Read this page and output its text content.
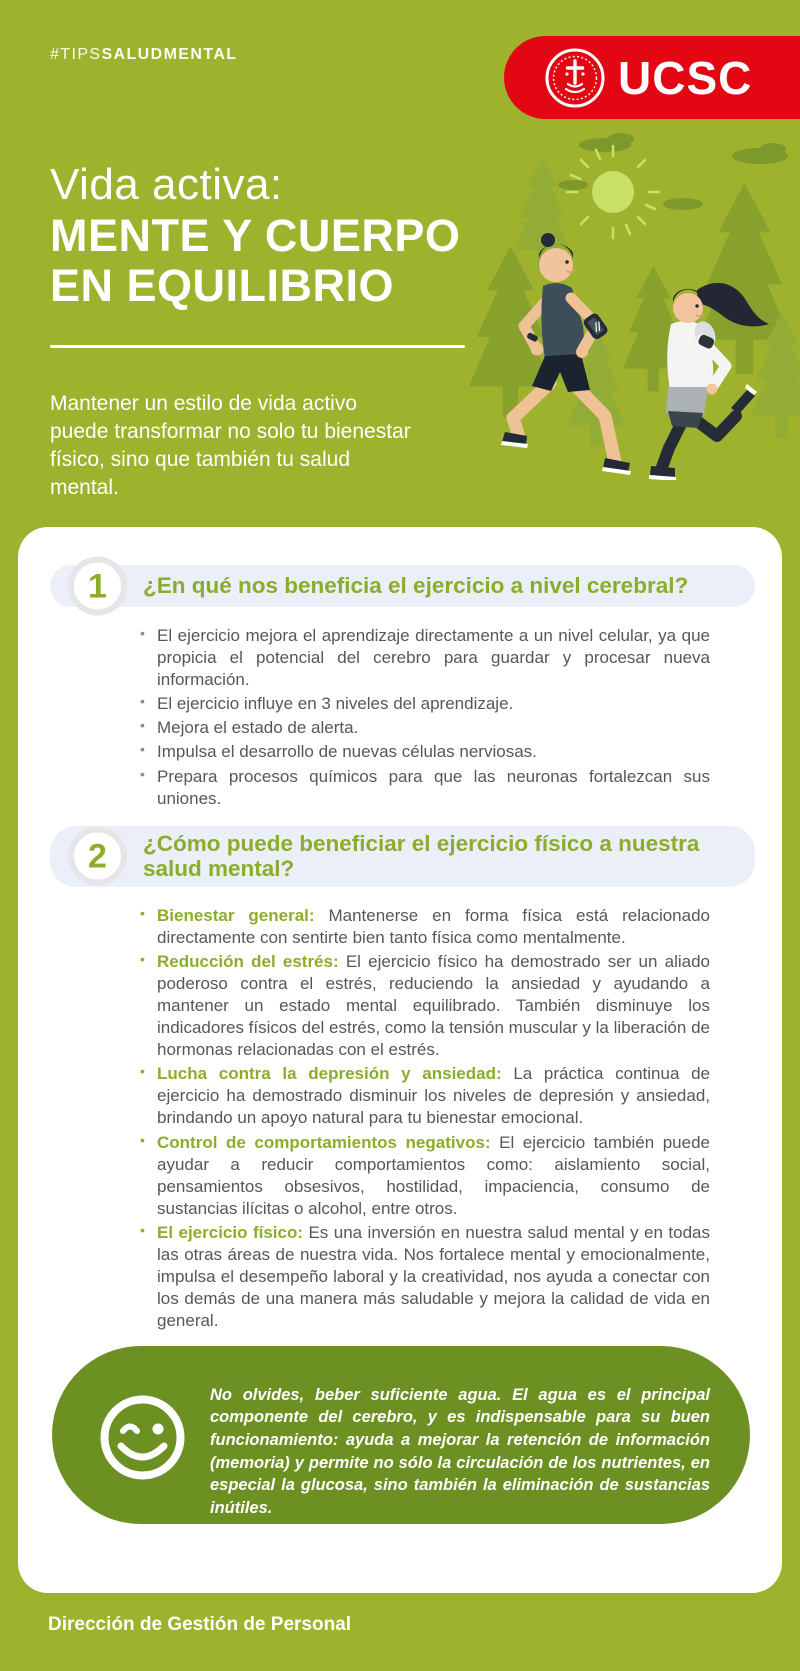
#TIPSSALUDMENTAL	UCSC
Vida activa:
MENTE Y CUERPO
EN EQUILIBRIO

Mantener un estilo de vida activo puede transformar no solo tu bienestar físico, sino que también tu salud mental.

1	¿En qué nos beneficia el ejercicio a nivel cerebral?
• El ejercicio mejora el aprendizaje directamente a un nivel celular, ya que propicia el potencial del cerebro para guardar y procesar nueva información.
• El ejercicio influye en 3 niveles del aprendizaje.
• Mejora el estado de alerta.
• Impulsa el desarrollo de nuevas células nerviosas.
• Prepara procesos químicos para que las neuronas fortalezcan sus uniones.
2	¿Cómo puede beneficiar el ejercicio físico a nuestra salud mental?
• Bienestar general: Mantenerse en forma física está relacionado directamente con sentirte bien tanto física como mentalmente.
• Reducción del estrés: El ejercicio físico ha demostrado ser un aliado poderoso contra el estrés, reduciendo la ansiedad y ayudando a mantener un estado mental equilibrado. También disminuye los indicadores físicos del estrés, como la tensión muscular y la liberación de hormonas relacionadas con el estrés.
• Lucha contra la depresión y ansiedad: La práctica continua de ejercicio ha demostrado disminuir los niveles de depresión y ansiedad, brindando un apoyo natural para tu bienestar emocional.
• Control de comportamientos negativos: El ejercicio también puede ayudar a reducir comportamientos como: aislamiento social, pensamientos obsesivos, hostilidad, impaciencia, consumo de sustancias ilícitas o alcohol, entre otros.
• El ejercicio físico: Es una inversión en nuestra salud mental y en todas las otras áreas de nuestra vida. Nos fortalece mental y emocionalmente, impulsa el desempeño laboral y la creatividad, nos ayuda a conectar con los demás de una manera más saludable y mejora la calidad de vida en general.

No olvides, beber suficiente agua. El agua es el principal componente del cerebro, y es indispensable para su buen funcionamiento: ayuda a mejorar la retención de información (memoria) y permite no sólo la circulación de los nutrientes, en especial la glucosa, sino también la eliminación de sustancias inútiles.

Dirección de Gestión de Personal
